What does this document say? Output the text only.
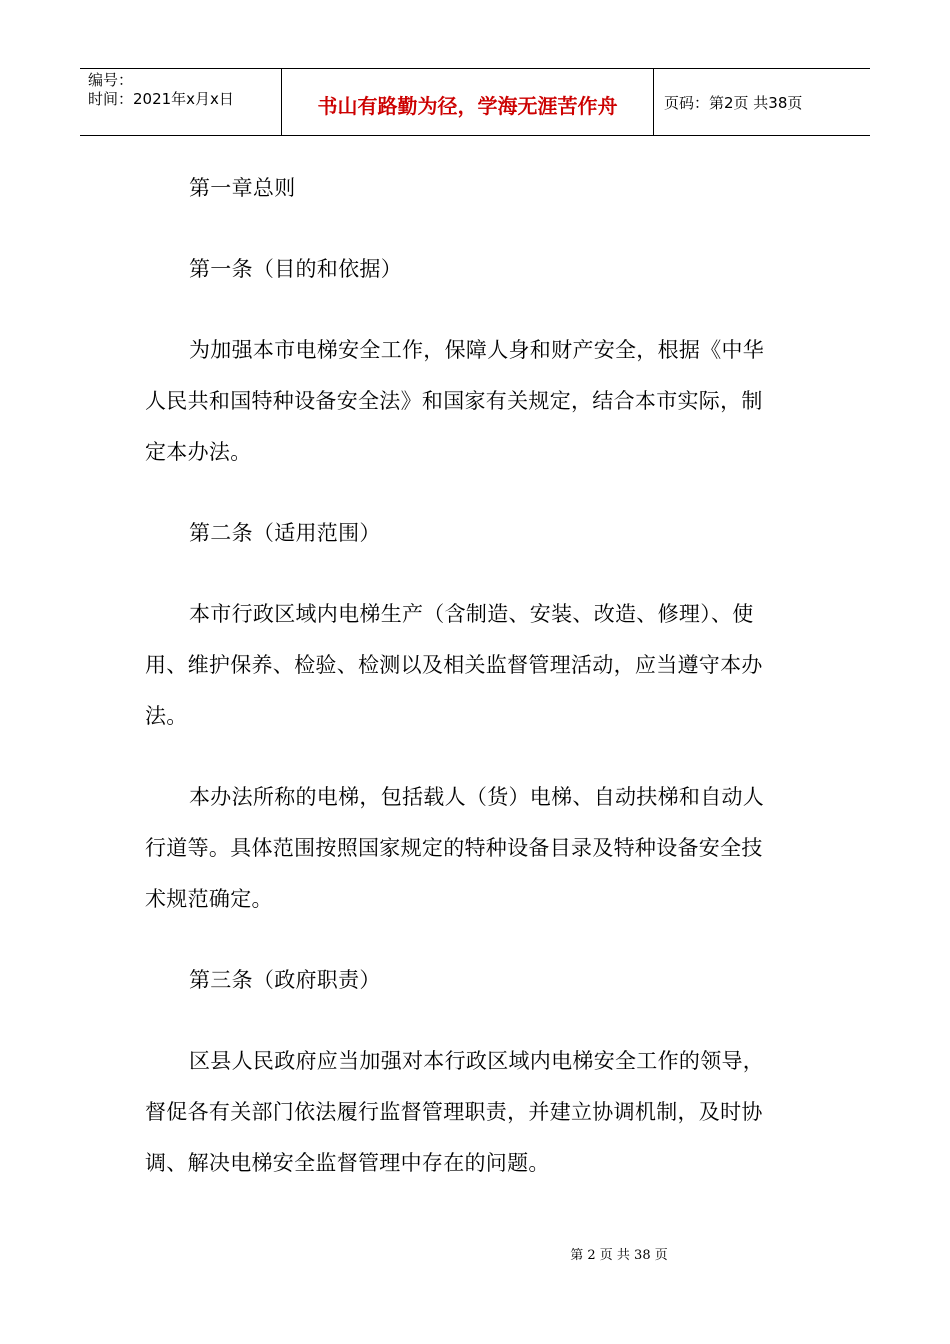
编号：
时间：2021年x月x日	书山有路勤为径，学海无涯苦作舟	页码：第2页 共38页
第一章总则
第一条（目的和依据）
为加强本市电梯安全工作，保障人身和财产安全，根据《中华
人民共和国特种设备安全法》和国家有关规定，结合本市实际，制
定本办法。
第二条（适用范围）
本市行政区域内电梯生产（含制造、安装、改造、修理）、使
用、维护保养、检验、检测以及相关监督管理活动，应当遵守本办
法。
本办法所称的电梯，包括载人（货）电梯、自动扶梯和自动人
行道等。具体范围按照国家规定的特种设备目录及特种设备安全技
术规范确定。
第三条（政府职责）
区县人民政府应当加强对本行政区域内电梯安全工作的领导，
督促各有关部门依法履行监督管理职责，并建立协调机制，及时协
调、解决电梯安全监督管理中存在的问题。
第 2 页 共 38 页
